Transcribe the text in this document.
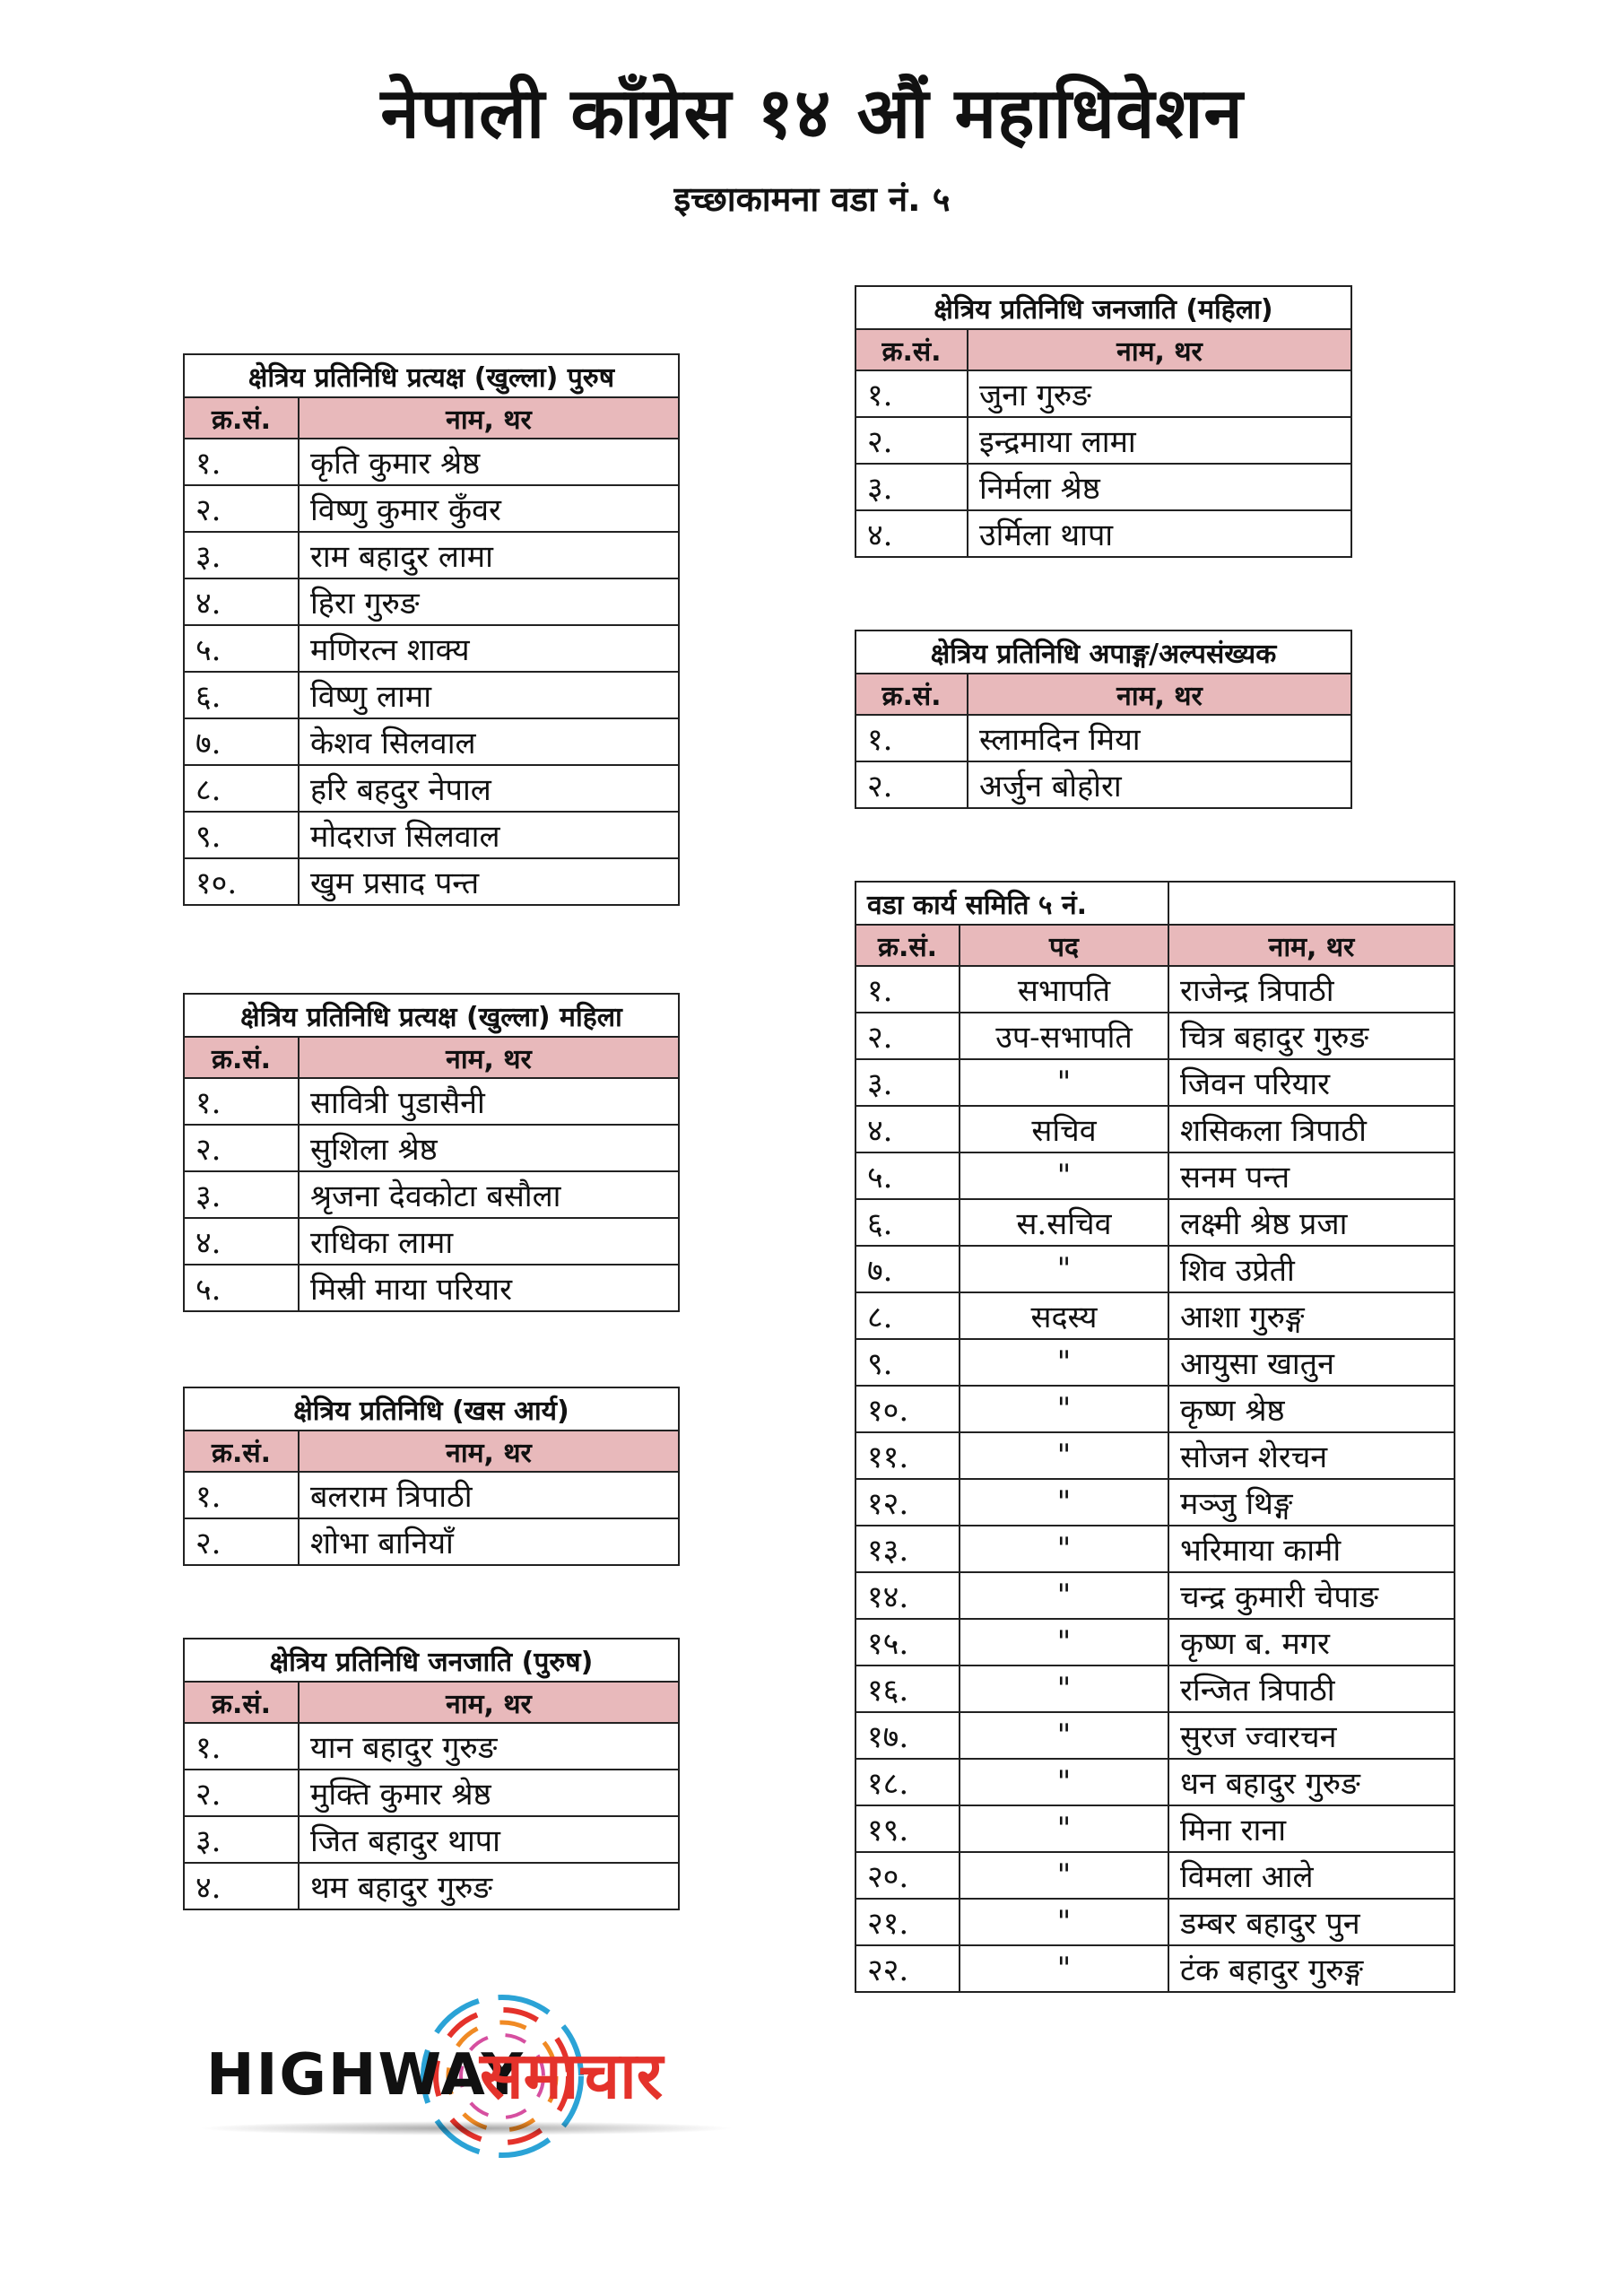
नेपाली काँग्रेस १४ औं महाधिवेशन
इच्छाकामना वडा नं. ५
क्षेत्रिय प्रतिनिधि प्रत्यक्ष (खुल्ला) पुरुष	
क्र.सं.	नाम, थर
१.	कृति कुमार श्रेष्ठ
२.	विष्णु कुमार कुँवर
३.	राम बहादुर लामा
४.	हिरा गुरुङ
५.	मणिरत्न शाक्य
६.	विष्णु लामा
७.	केशव सिलवाल
८.	हरि बहदुर नेपाल
९.	मोदराज सिलवाल
१०.	खुम प्रसाद पन्त
क्षेत्रिय प्रतिनिधि प्रत्यक्ष (खुल्ला) महिला	
क्र.सं.	नाम, थर
१.	सावित्री पुडासैनी
२.	सुशिला श्रेष्ठ
३.	श्रृजना देवकोटा बसौला
४.	राधिका लामा
५.	मिस्री माया परियार
क्षेत्रिय प्रतिनिधि (खस आर्य)	
क्र.सं.	नाम, थर
१.	बलराम त्रिपाठी
२.	शोभा बानियाँ
क्षेत्रिय प्रतिनिधि जनजाति (पुरुष)	
क्र.सं.	नाम, थर
१.	यान बहादुर गुरुङ
२.	मुक्ति कुमार श्रेष्ठ
३.	जित बहादुर थापा
४.	थम बहादुर गुरुङ
क्षेत्रिय प्रतिनिधि जनजाति (महिला)	
क्र.सं.	नाम, थर
१.	जुना गुरुङ
२.	इन्द्रमाया लामा
३.	निर्मला श्रेष्ठ
४.	उर्मिला थापा
क्षेत्रिय प्रतिनिधि अपाङ्ग/अल्पसंख्यक	
क्र.सं.	नाम, थर
१.	स्लामदिन मिया
२.	अर्जुन बोहोरा
वडा कार्य समिति ५ नं.		
क्र.सं.	पद	नाम, थर
१.	सभापति	राजेन्द्र त्रिपाठी
२.	उप-सभापति	चित्र बहादुर गुरुङ
३.	"	जिवन परियार
४.	सचिव	शसिकला त्रिपाठी
५.	"	सनम पन्त
६.	स.सचिव	लक्ष्मी श्रेष्ठ प्रजा
७.	"	शिव उप्रेती
८.	सदस्य	आशा गुरुङ्ग
९.	"	आयुसा खातुन
१०.	"	कृष्ण श्रेष्ठ
११.	"	सोजन शेरचन
१२.	"	मञ्जु थिङ्ग
१३.	"	भरिमाया कामी
१४.	"	चन्द्र कुमारी चेपाङ
१५.	"	कृष्ण ब. मगर
१६.	"	रन्जित त्रिपाठी
१७.	"	सुरज ज्वारचन
१८.	"	धन बहादुर गुरुङ
१९.	"	मिना राना
२०.	"	विमला आले
२१.	"	डम्बर बहादुर पुन
२२.	"	टंक बहादुर गुरुङ्ग
HIGHWAY
समाचार
